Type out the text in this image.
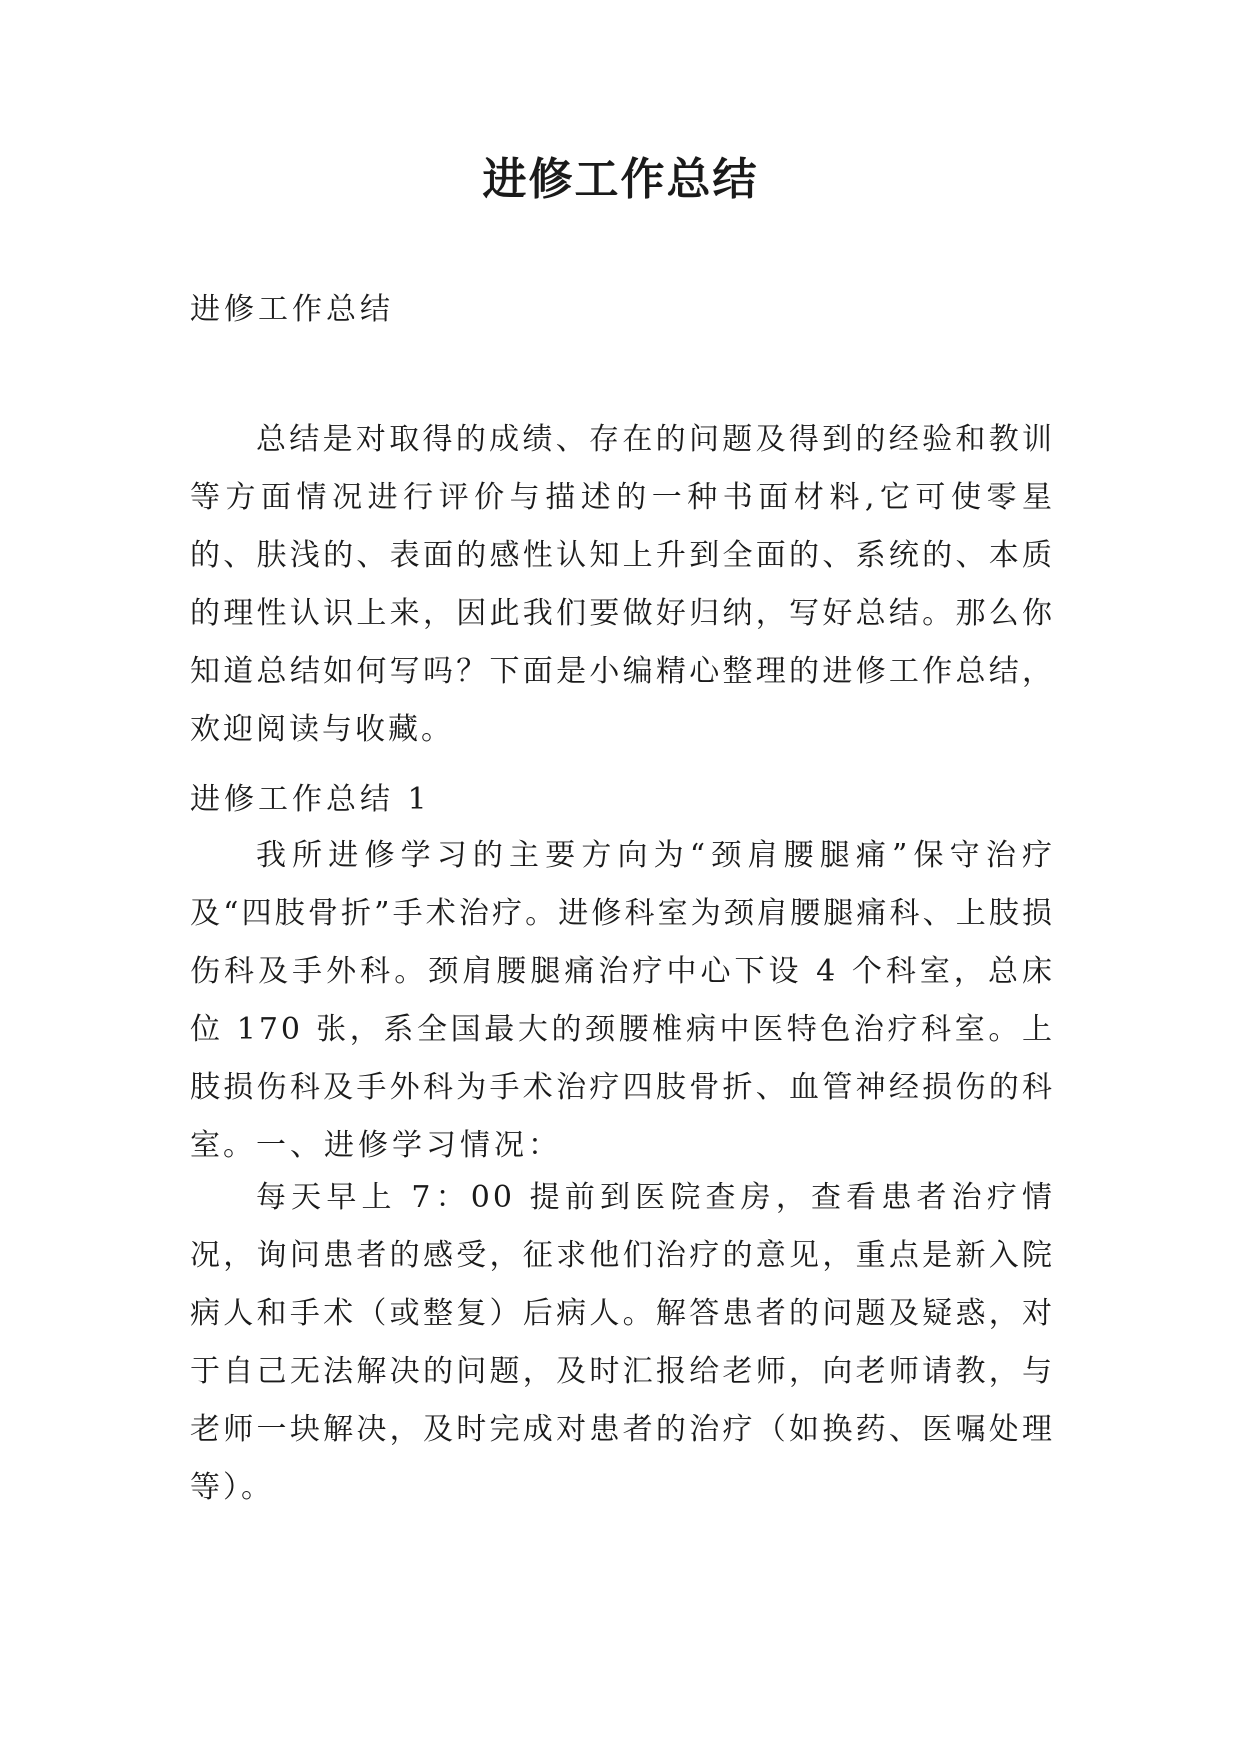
进修工作总结
进修工作总结

总结是对取得的成绩、存在的问题及得到的经验和教训等方面情况进行评价与描述的一种书面材料,它可使零星的、肤浅的、表面的感性认知上升到全面的、系统的、本质的理性认识上来，因此我们要做好归纳，写好总结。那么你知道总结如何写吗？下面是小编精心整理的进修工作总结，欢迎阅读与收藏。

进修工作总结 1

我所进修学习的主要方向为“颈肩腰腿痛”保守治疗及“四肢骨折”手术治疗。进修科室为颈肩腰腿痛科、上肢损伤科及手外科。颈肩腰腿痛治疗中心下设 4 个科室，总床位 170 张，系全国最大的颈腰椎病中医特色治疗科室。上肢损伤科及手外科为手术治疗四肢骨折、血管神经损伤的科室。 一、进修学习情况：

每天早上 7：00 提前到医院查房，查看患者治疗情况，询问患者的感受，征求他们治疗的意见，重点是新入院病人和手术（或整复）后病人。解答患者的问题及疑惑，对于自己无法解决的问题，及时汇报给老师，向老师请教，与老师一块解决，及时完成对患者的治疗（如换药、医嘱处理等）。
